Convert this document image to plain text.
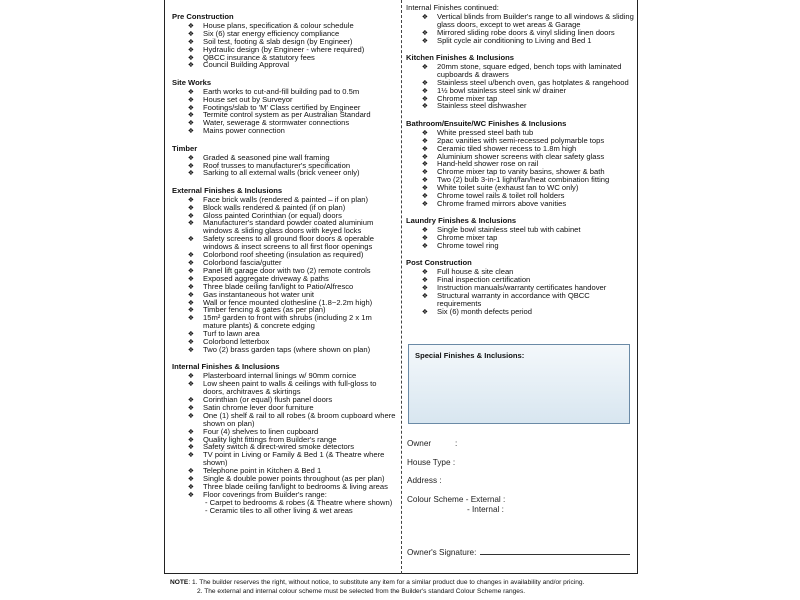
Pre Construction
❖ House plans, specification & colour schedule
❖ Six (6) star energy efficiency compliance
❖ Soil test, footing & slab design (by Engineer)
❖ Hydraulic design (by Engineer - where required)
❖ QBCC insurance & statutory fees
❖ Council Building Approval
Site Works
❖ Earth works to cut-and-fill building pad to 0.5m
❖ House set out by Surveyor
❖ Footings/slab to 'M' Class certified by Engineer
❖ Termite control system as per Australian Standard
❖ Water, sewerage & stormwater connections
❖ Mains power connection
Timber
❖ Graded & seasoned pine wall framing
❖ Roof trusses to manufacturer's specification
❖ Sarking to all external walls (brick veneer only)
External Finishes & Inclusions
❖ Face brick walls (rendered & painted – if on plan)
❖ Block walls rendered & painted (if on plan)
❖ Gloss painted Corinthian (or equal) doors
❖ Manufacturer's standard powder coated aluminium windows & sliding glass doors with keyed locks
❖ Safety screens to all ground floor doors & operable windows & insect screens to all first floor openings
❖ Colorbond roof sheeting (insulation as required)
❖ Colorbond fascia/gutter
❖ Panel lift garage door with two (2) remote controls
❖ Exposed aggregate driveway & paths
❖ Three blade ceiling fan/light to Patio/Alfresco
❖ Gas instantaneous hot water unit
❖ Wall or fence mounted clothesline (1.8~2.2m high)
❖ Timber fencing & gates (as per plan)
❖ 15m² garden to front with shrubs (including 2 x 1m mature plants) & concrete edging
❖ Turf to lawn area
❖ Colorbond letterbox
❖ Two (2) brass garden taps (where shown on plan)
Internal Finishes & Inclusions
❖ Plasterboard internal linings w/ 90mm cornice
❖ Low sheen paint to walls & ceilings with full-gloss to doors, architraves & skirtings
❖ Corinthian (or equal) flush panel doors
❖ Satin chrome lever door furniture
❖ One (1) shelf & rail to all robes (& broom cupboard where shown on plan)
❖ Four (4) shelves to linen cupboard
❖ Quality light fittings from Builder's range
❖ Safety switch & direct-wired smoke detectors
❖ TV point in Living or Family & Bed 1 (& Theatre where shown)
❖ Telephone point in Kitchen & Bed 1
❖ Single & double power points throughout (as per plan)
❖ Three blade ceiling fan/light to bedrooms & living areas
❖ Floor coverings from Builder's range:
- Carpet to bedrooms & robes (& Theatre where shown)
- Ceramic tiles to all other living & wet areas
Internal Finishes continued:
❖ Vertical blinds from Builder's range to all windows & sliding glass doors, except to wet areas & Garage
❖ Mirrored sliding robe doors & vinyl sliding linen doors
❖ Split cycle air conditioning to Living and Bed 1
Kitchen Finishes & Inclusions
❖ 20mm stone, square edged, bench tops with laminated cupboards & drawers
❖ Stainless steel u/bench oven, gas hotplates & rangehood
❖ 1½ bowl stainless steel sink w/ drainer
❖ Chrome mixer tap
❖ Stainless steel dishwasher
Bathroom/Ensuite/WC Finishes & Inclusions
❖ White pressed steel bath tub
❖ 2pac vanities with semi-recessed polymarble tops
❖ Ceramic tiled shower recess to 1.8m high
❖ Aluminium shower screens with clear safety glass
❖ Hand-held shower rose on rail
❖ Chrome mixer tap to vanity basins, shower & bath
❖ Two (2) bulb 3-in-1 light/fan/heat combination fitting
❖ White toilet suite (exhaust fan to WC only)
❖ Chrome towel rails & toilet roll holders
❖ Chrome framed mirrors above vanities
Laundry Finishes & Inclusions
❖ Single bowl stainless steel tub with cabinet
❖ Chrome mixer tap
❖ Chrome towel ring
Post Construction
❖ Full house & site clean
❖ Final inspection certification
❖ Instruction manuals/warranty certificates handover
❖ Structural warranty in accordance with QBCC requirements
❖ Six (6) month defects period
Special Finishes & Inclusions:
Owner	:
House Type :
Address :
Colour Scheme - External :
- Internal :
Owner's Signature:
NOTE: 1. The builder reserves the right, without notice, to substitute any item for a similar product due to changes in availability and/or pricing.
2. The external and internal colour scheme must be selected from the Builder's standard Colour Scheme ranges.
